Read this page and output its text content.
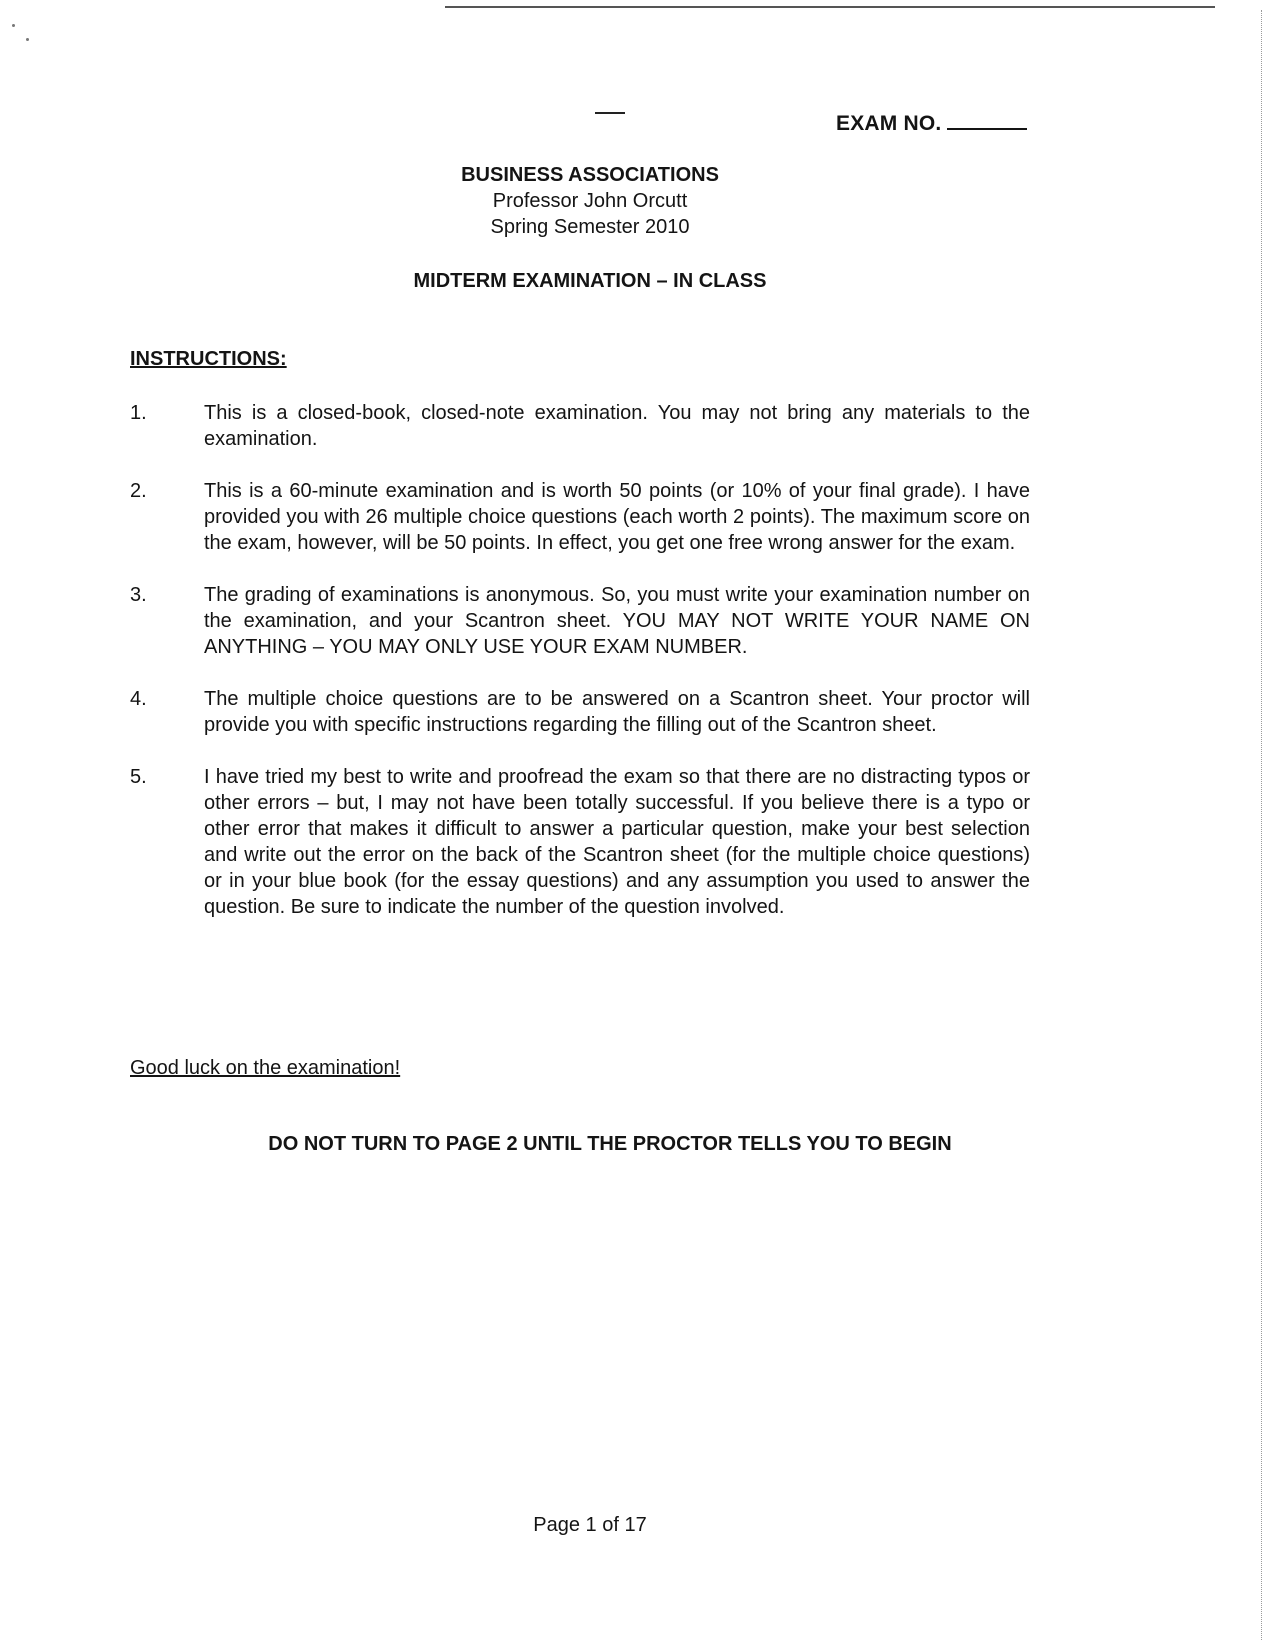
EXAM NO.
BUSINESS ASSOCIATIONS
Professor John Orcutt
Spring Semester 2010
MIDTERM EXAMINATION – IN CLASS
INSTRUCTIONS:
1.	This is a closed-book, closed-note examination. You may not bring any materials to the examination.
2.	This is a 60-minute examination and is worth 50 points (or 10% of your final grade). I have provided you with 26 multiple choice questions (each worth 2 points). The maximum score on the exam, however, will be 50 points. In effect, you get one free wrong answer for the exam.
3.	The grading of examinations is anonymous. So, you must write your examination number on the examination, and your Scantron sheet. YOU MAY NOT WRITE YOUR NAME ON ANYTHING – YOU MAY ONLY USE YOUR EXAM NUMBER.
4.	The multiple choice questions are to be answered on a Scantron sheet. Your proctor will provide you with specific instructions regarding the filling out of the Scantron sheet.
5.	I have tried my best to write and proofread the exam so that there are no distracting typos or other errors – but, I may not have been totally successful. If you believe there is a typo or other error that makes it difficult to answer a particular question, make your best selection and write out the error on the back of the Scantron sheet (for the multiple choice questions) or in your blue book (for the essay questions) and any assumption you used to answer the question. Be sure to indicate the number of the question involved.
Good luck on the examination!
DO NOT TURN TO PAGE 2 UNTIL THE PROCTOR TELLS YOU TO BEGIN
Page 1 of 17
